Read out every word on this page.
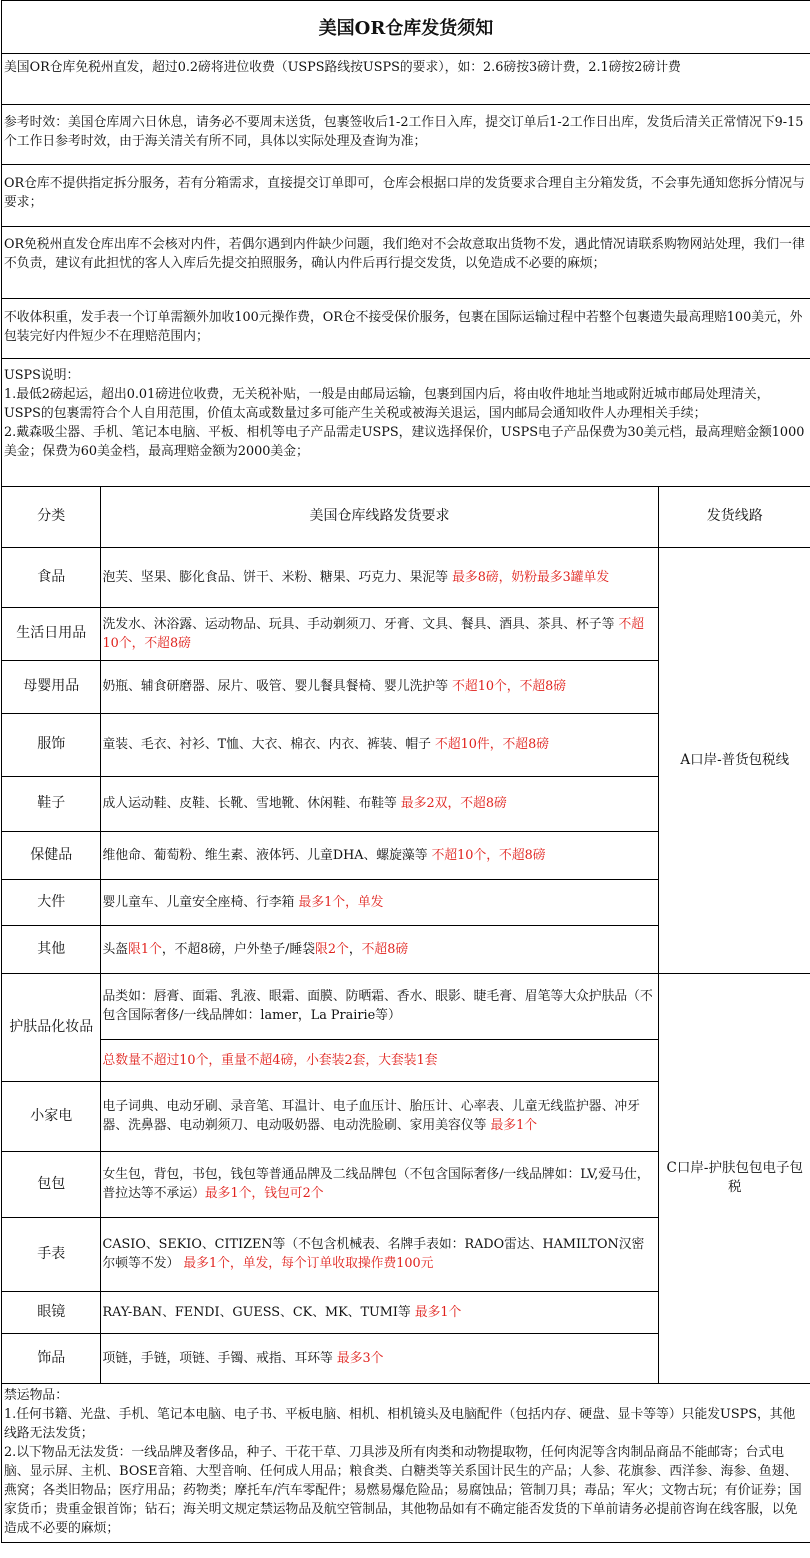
美国OR仓库发货须知
美国OR仓库免税州直发，超过0.2磅将进位收费（USPS路线按USPS的要求），如：2.6磅按3磅计费，2.1磅按2磅计费
参考时效：美国仓库周六日休息，请务必不要周末送货，包裹签收后1-2工作日入库，提交订单后1-2工作日出库，发货后清关正常情况下9-15个工作日参考时效，由于海关清关有所不同，具体以实际处理及查询为准；
OR仓库不提供指定拆分服务，若有分箱需求，直接提交订单即可，仓库会根据口岸的发货要求合理自主分箱发货，不会事先通知您拆分情况与要求；
OR免税州直发仓库出库不会核对内件，若偶尔遇到内件缺少问题，我们绝对不会故意取出货物不发，遇此情况请联系购物网站处理，我们一律不负责，建议有此担忧的客人入库后先提交拍照服务，确认内件后再行提交发货，以免造成不必要的麻烦；
不收体积重，发手表一个订单需额外加收100元操作费，OR仓不接受保价服务，包裹在国际运输过程中若整个包裹遗失最高理赔100美元，外包装完好内件短少不在理赔范围内；
USPS说明：
1.最低2磅起运，超出0.01磅进位收费，无关税补贴，一般是由邮局运输，包裹到国内后，将由收件地址当地或附近城市邮局处理清关，USPS的包裹需符合个人自用范围，价值太高或数量过多可能产生关税或被海关退运，国内邮局会通知收件人办理相关手续；
2.戴森吸尘器、手机、笔记本电脑、平板、相机等电子产品需走USPS，建议选择保价，USPS电子产品保费为30美元档，最高理赔金额1000美金；保费为60美金档，最高理赔金额为2000美金；
分类	美国仓库线路发货要求	发货线路
食品	泡芙、坚果、膨化食品、饼干、米粉、糖果、巧克力、果泥等 最多8磅，奶粉最多3罐单发	A口岸-普货包税线
生活日用品	洗发水、沐浴露、运动物品、玩具、手动剃须刀、牙膏、文具、餐具、酒具、茶具、杯子等 不超10个，不超8磅	
母婴用品	奶瓶、辅食研磨器、尿片、吸管、婴儿餐具餐椅、婴儿洗护等 不超10个，不超8磅	
服饰	童装、毛衣、衬衫、T恤、大衣、棉衣、内衣、裤装、帽子 不超10件，不超8磅	
鞋子	成人运动鞋、皮鞋、长靴、雪地靴、休闲鞋、布鞋等 最多2双，不超8磅	
保健品	维他命、葡萄粉、维生素、液体钙、儿童DHA、螺旋藻等 不超10个，不超8磅	
大件	婴儿童车、儿童安全座椅、行李箱 最多1个，单发	
其他	头盔限1个，不超8磅，户外垫子/睡袋限2个，不超8磅	
护肤品化妆品	品类如：唇膏、面霜、乳液、眼霜、面膜、防晒霜、香水、眼影、睫毛膏、眉笔等大众护肤品（不包含国际奢侈/一线品牌如：lamer，La Prairie等）	C口岸-护肤包包电子包税
	总数量不超过10个，重量不超4磅，小套装2套，大套装1套	
小家电	电子词典、电动牙刷、录音笔、耳温计、电子血压计、胎压计、心率表、儿童无线监护器、冲牙器、洗鼻器、电动剃须刀、电动吸奶器、电动洗脸刷、家用美容仪等 最多1个	
包包	女生包，背包，书包，钱包等普通品牌及二线品牌包（不包含国际奢侈/一线品牌如：LV,爱马仕，普拉达等不承运）最多1个，钱包可2个	
手表	CASIO、SEKIO、CITIZEN等（不包含机械表、名牌手表如：RADO雷达、HAMILTON汉密尔顿等不发） 最多1个，单发，每个订单收取操作费100元	
眼镜	RAY-BAN、FENDI、GUESS、CK、MK、TUMI等 最多1个	
饰品	项链，手链，项链、手镯、戒指、耳环等 最多3个	
禁运物品：
1.任何书籍、光盘、手机、笔记本电脑、电子书、平板电脑、相机、相机镜头及电脑配件（包括内存、硬盘、显卡等等）只能发USPS，其他线路无法发货；
2.以下物品无法发货：一线品牌及奢侈品，种子、干花干草、刀具涉及所有肉类和动物提取物，任何肉泥等含肉制品商品不能邮寄；台式电脑、显示屏、主机、BOSE音箱、大型音响、任何成人用品；粮食类、白糖类等关系国计民生的产品；人参、花旗参、西洋参、海参、鱼翅、燕窝；各类旧物品；医疗用品；药物类；摩托车/汽车零配件；易燃易爆危险品；易腐蚀品；管制刀具；毒品；军火；文物古玩；有价证券；国家货币；贵重金银首饰；钻石；海关明文规定禁运物品及航空管制品，其他物品如有不确定能否发货的下单前请务必提前咨询在线客服，以免造成不必要的麻烦；
